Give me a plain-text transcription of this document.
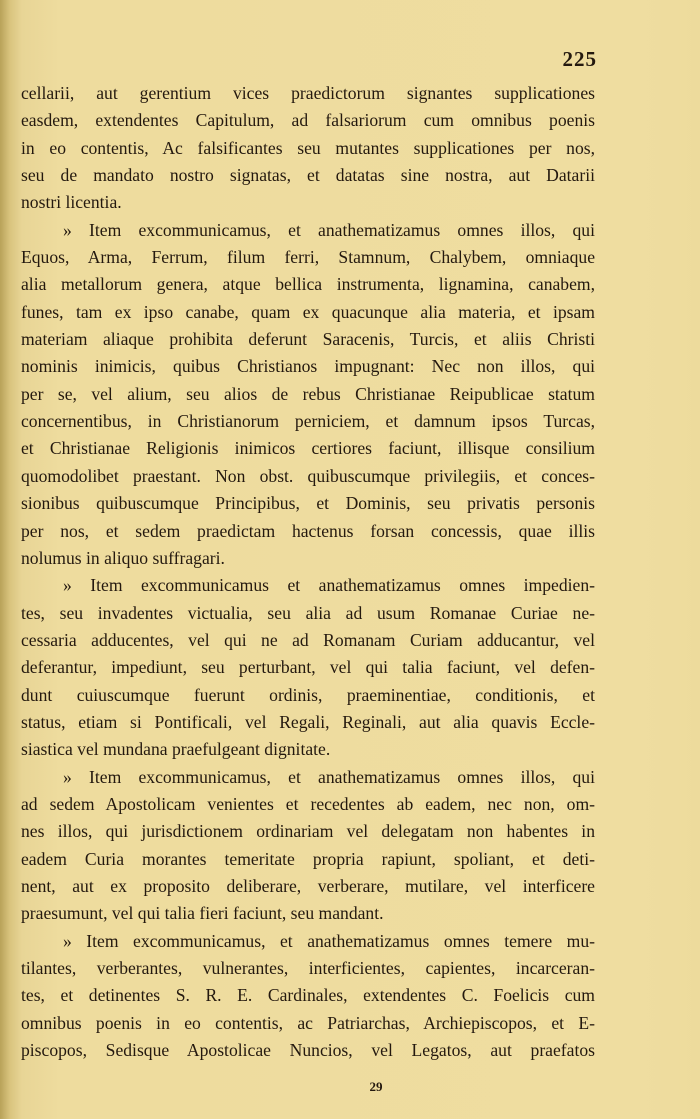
225
cellarii, aut gerentium vices praedictorum signantes supplicationes
easdem, extendentes Capitulum, ad falsariorum cum omnibus poenis
in eo contentis, Ac falsificantes seu mutantes supplicationes per nos,
seu de mandato nostro signatas, et datatas sine nostra, aut Datarii
nostri licentia.
» Item excommunicamus, et anathematizamus omnes illos, qui
Equos, Arma, Ferrum, filum ferri, Stamnum, Chalybem, omniaque
alia metallorum genera, atque bellica instrumenta, lignamina, canabem,
funes, tam ex ipso canabe, quam ex quacunque alia materia, et ipsam
materiam aliaque prohibita deferunt Saracenis, Turcis, et aliis Christi
nominis inimicis, quibus Christianos impugnant: Nec non illos, qui
per se, vel alium, seu alios de rebus Christianae Reipublicae statum
concernentibus, in Christianorum perniciem, et damnum ipsos Turcas,
et Christianae Religionis inimicos certiores faciunt, illisque consilium
quomodolibet praestant. Non obst. quibuscumque privilegiis, et conces-
sionibus quibuscumque Principibus, et Dominis, seu privatis personis
per nos, et sedem praedictam hactenus forsan concessis, quae illis
nolumus in aliquo suffragari.
» Item excommunicamus et anathematizamus omnes impedien-
tes, seu invadentes victualia, seu alia ad usum Romanae Curiae ne-
cessaria adducentes, vel qui ne ad Romanam Curiam adducantur, vel
deferantur, impediunt, seu perturbant, vel qui talia faciunt, vel defen-
dunt cuiuscumque fuerunt ordinis, praeminentiae, conditionis, et
status, etiam si Pontificali, vel Regali, Reginali, aut alia quavis Eccle-
siastica vel mundana praefulgeant dignitate.
» Item excommunicamus, et anathematizamus omnes illos, qui
ad sedem Apostolicam venientes et recedentes ab eadem, nec non, om-
nes illos, qui jurisdictionem ordinariam vel delegatam non habentes in
eadem Curia morantes temeritate propria rapiunt, spoliant, et deti-
nent, aut ex proposito deliberare, verberare, mutilare, vel interficere
praesumunt, vel qui talia fieri faciunt, seu mandant.
» Item excommunicamus, et anathematizamus omnes temere mu-
tilantes, verberantes, vulnerantes, interficientes, capientes, incarceran-
tes, et detinentes S. R. E. Cardinales, extendentes C. Foelicis cum
omnibus poenis in eo contentis, ac Patriarchas, Archiepiscopos, et E-
piscopos, Sedisque Apostolicae Nuncios, vel Legatos, aut praefatos
29
